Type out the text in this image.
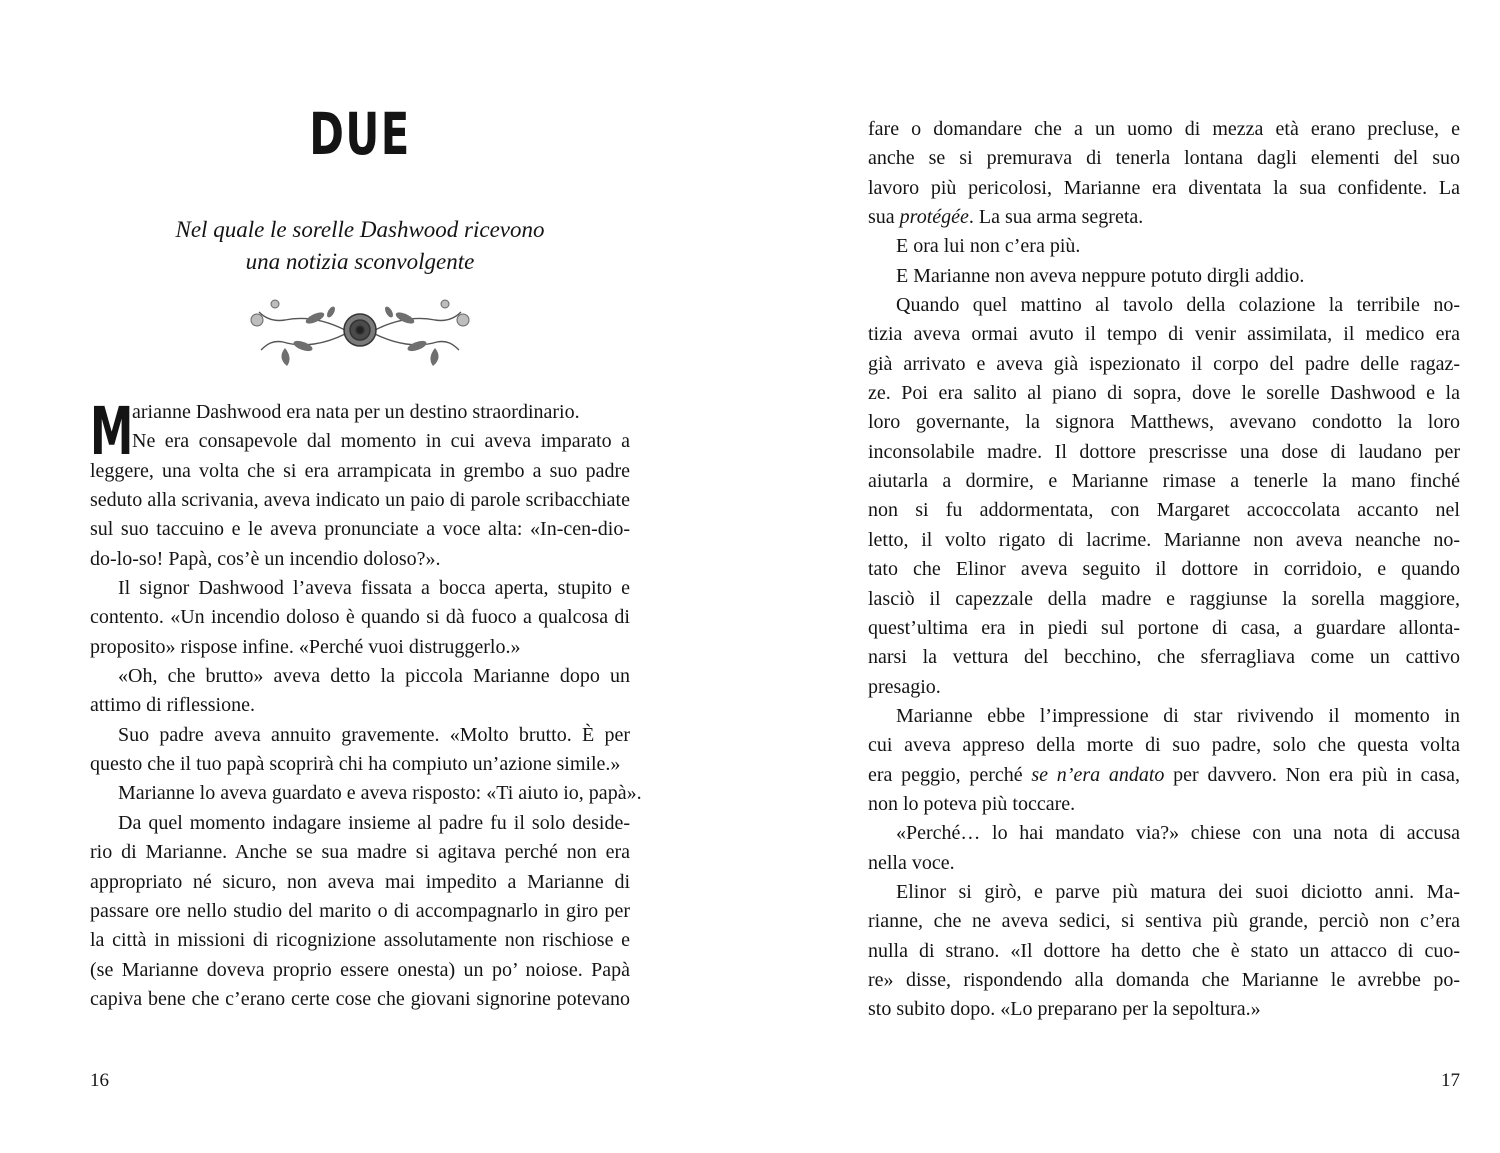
DUE
Nel quale le sorelle Dashwood ricevono
una notizia sconvolgente
M
arianne Dashwood era nata per un destino straordinario.
Ne era consapevole dal momento in cui aveva imparato a
leggere, una volta che si era arrampicata in grembo a suo padre
seduto alla scrivania, aveva indicato un paio di parole scribacchiate
sul suo taccuino e le aveva pronunciate a voce alta: «In-cen-dio-
do-lo-so! Papà, cos’è un incendio doloso?».
Il signor Dashwood l’aveva fissata a bocca aperta, stupito e
contento. «Un incendio doloso è quando si dà fuoco a qualcosa di
proposito» rispose infine. «Perché vuoi distruggerlo.»
«Oh, che brutto» aveva detto la piccola Marianne dopo un
attimo di riflessione.
Suo padre aveva annuito gravemente. «Molto brutto. È per
questo che il tuo papà scoprirà chi ha compiuto un’azione simile.»
Marianne lo aveva guardato e aveva risposto: «Ti aiuto io, papà».
Da quel momento indagare insieme al padre fu il solo deside-
rio di Marianne. Anche se sua madre si agitava perché non era
appropriato né sicuro, non aveva mai impedito a Marianne di
passare ore nello studio del marito o di accompagnarlo in giro per
la città in missioni di ricognizione assolutamente non rischiose e
(se Marianne doveva proprio essere onesta) un po’ noiose. Papà
capiva bene che c’erano certe cose che giovani signorine potevano
16
fare o domandare che a un uomo di mezza età erano precluse, e
anche se si premurava di tenerla lontana dagli elementi del suo
lavoro più pericolosi, Marianne era diventata la sua confidente. La
sua protégée. La sua arma segreta.
E ora lui non c’era più.
E Marianne non aveva neppure potuto dirgli addio.
Quando quel mattino al tavolo della colazione la terribile no-
tizia aveva ormai avuto il tempo di venir assimilata, il medico era
già arrivato e aveva già ispezionato il corpo del padre delle ragaz-
ze. Poi era salito al piano di sopra, dove le sorelle Dashwood e la
loro governante, la signora Matthews, avevano condotto la loro
inconsolabile madre. Il dottore prescrisse una dose di laudano per
aiutarla a dormire, e Marianne rimase a tenerle la mano finché
non si fu addormentata, con Margaret accoccolata accanto nel
letto, il volto rigato di lacrime. Marianne non aveva neanche no-
tato che Elinor aveva seguito il dottore in corridoio, e quando
lasciò il capezzale della madre e raggiunse la sorella maggiore,
quest’ultima era in piedi sul portone di casa, a guardare allonta-
narsi la vettura del becchino, che sferragliava come un cattivo
presagio.
Marianne ebbe l’impressione di star rivivendo il momento in
cui aveva appreso della morte di suo padre, solo che questa volta
era peggio, perché se n’era andato per davvero. Non era più in casa,
non lo poteva più toccare.
«Perché… lo hai mandato via?» chiese con una nota di accusa
nella voce.
Elinor si girò, e parve più matura dei suoi diciotto anni. Ma-
rianne, che ne aveva sedici, si sentiva più grande, perciò non c’era
nulla di strano. «Il dottore ha detto che è stato un attacco di cuo-
re» disse, rispondendo alla domanda che Marianne le avrebbe po-
sto subito dopo. «Lo preparano per la sepoltura.»
17
